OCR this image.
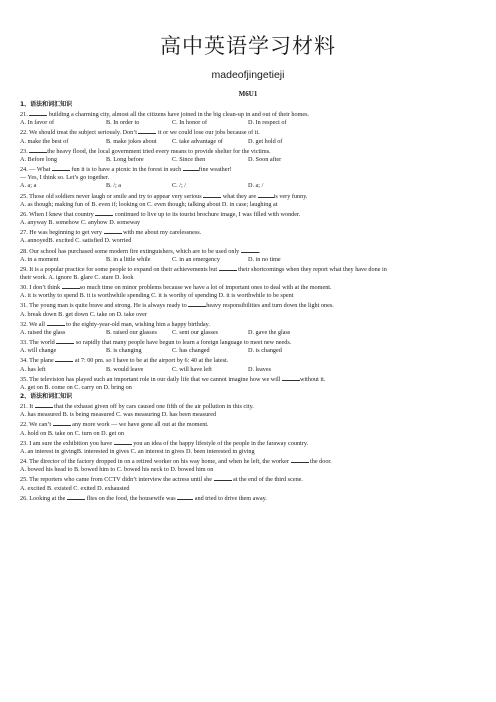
高中英语学习材料
madeofjingetieji
M6U1
1、语法和词汇知识
21.	building a charming city, almost all the citizens have joined in the big clean-up in and out of their homes.
A. In favor of	B. In order to	C. In honor of	D. In respect of
22. We should treat the subject seriously. Don’t	it or we could lose our jobs because of it.
A. make the best of	B. make jokes about C. take advantage of	D. get hold of
23.	the heavy flood, the local government tried every means to provide shelter for the victims.
A. Before long	B. Long before	C. Since then	D. Soon after
24. — What	fun it is to have a picnic in the forest in such	fine weather!
— Yes, I think so. Let’s go together.
A. a; a	B. /; a	C. /; /	D. a; /
25. Those old soldiers never laugh or smile and try to appear very serious	what they are	is very funny.
A. as though; making fun of B. even if; looking on C. even though; talking about D. in case; laughing at
26. When I knew that country	continued to live up to its tourist brochure image, I was filled with wonder.
A. anyway B. somehow C. anyhow D. someway
27. He was beginning to get very	with me about my carelessness.
A. annoyedB. excited C. satisfied D. worried
28. Our school has purchased some modern fire extinguishers, which are to be used only	.
A. in a moment	B. in a little while	C. in an emergency	D. in no time
29. It is a popular practice for some people to expand on their achievements but	their shortcomings when they report what they have done in
their work. A. ignore B. glare C. stare D. look
30. I don’t think	so much time on minor problems because we have a lot of important ones to deal with at the moment.
A. it is worthy to spend B. it is worthwhile spending C. it is worthy of spending D. it is worthwhile to be spent
31. The young man is quite brave and strong. He is always ready to	heavy responsibilities and turn down the light ones.
A. break down B. get down C. take on D. take over
32. We all	to the eighty-year-old man, wishing him a happy birthday.
A. raised the glass	B. raised our glasses C. sent our glasses	D. gave the glass
33. The world	so rapidly that many people have begun to learn a foreign language to meet new needs.
A. will change	B. is changing	C. has changed	D. is changed
34. The plane	at 7: 00 pm. so I have to be at the airport by 6: 40 at the latest.
A. has left	B. would leave	C. will have left	D. leaves
35. The television has played such an important role in our daily life that we cannot imagine how we will	without it.
A. get on B. come on C. carry on D. bring on
2、语法和词汇知识
21. It	that the exhaust given off by cars caused one fifth of the air pollution in this city.
A. has measured B. is being measured C. was measuring D. has been measured
22. We can’t	any more work — we have gone all out at the moment.
A. hold on B. take on C. turn on D. get on
23. I am sure the exhibition you have	you an idea of the happy lifestyle of the people in the faraway country.
A. an interest in givingB. interested in gives C. an interest in gives D. been interested in giving
24. The director of the factory dropped in on a retired worker on his way home, and when he left, the worker	the door.
A. bowed his head to B. bowed him to C. bowed his neck to D. bowed him on
25. The reporters who came from CCTV didn’t interview the actress until she	at the end of the third scene.
A. excited B. existed C. exited D. exhausted
26. Looking at the	flies on the food, the housewife was	and tried to drive them away.
